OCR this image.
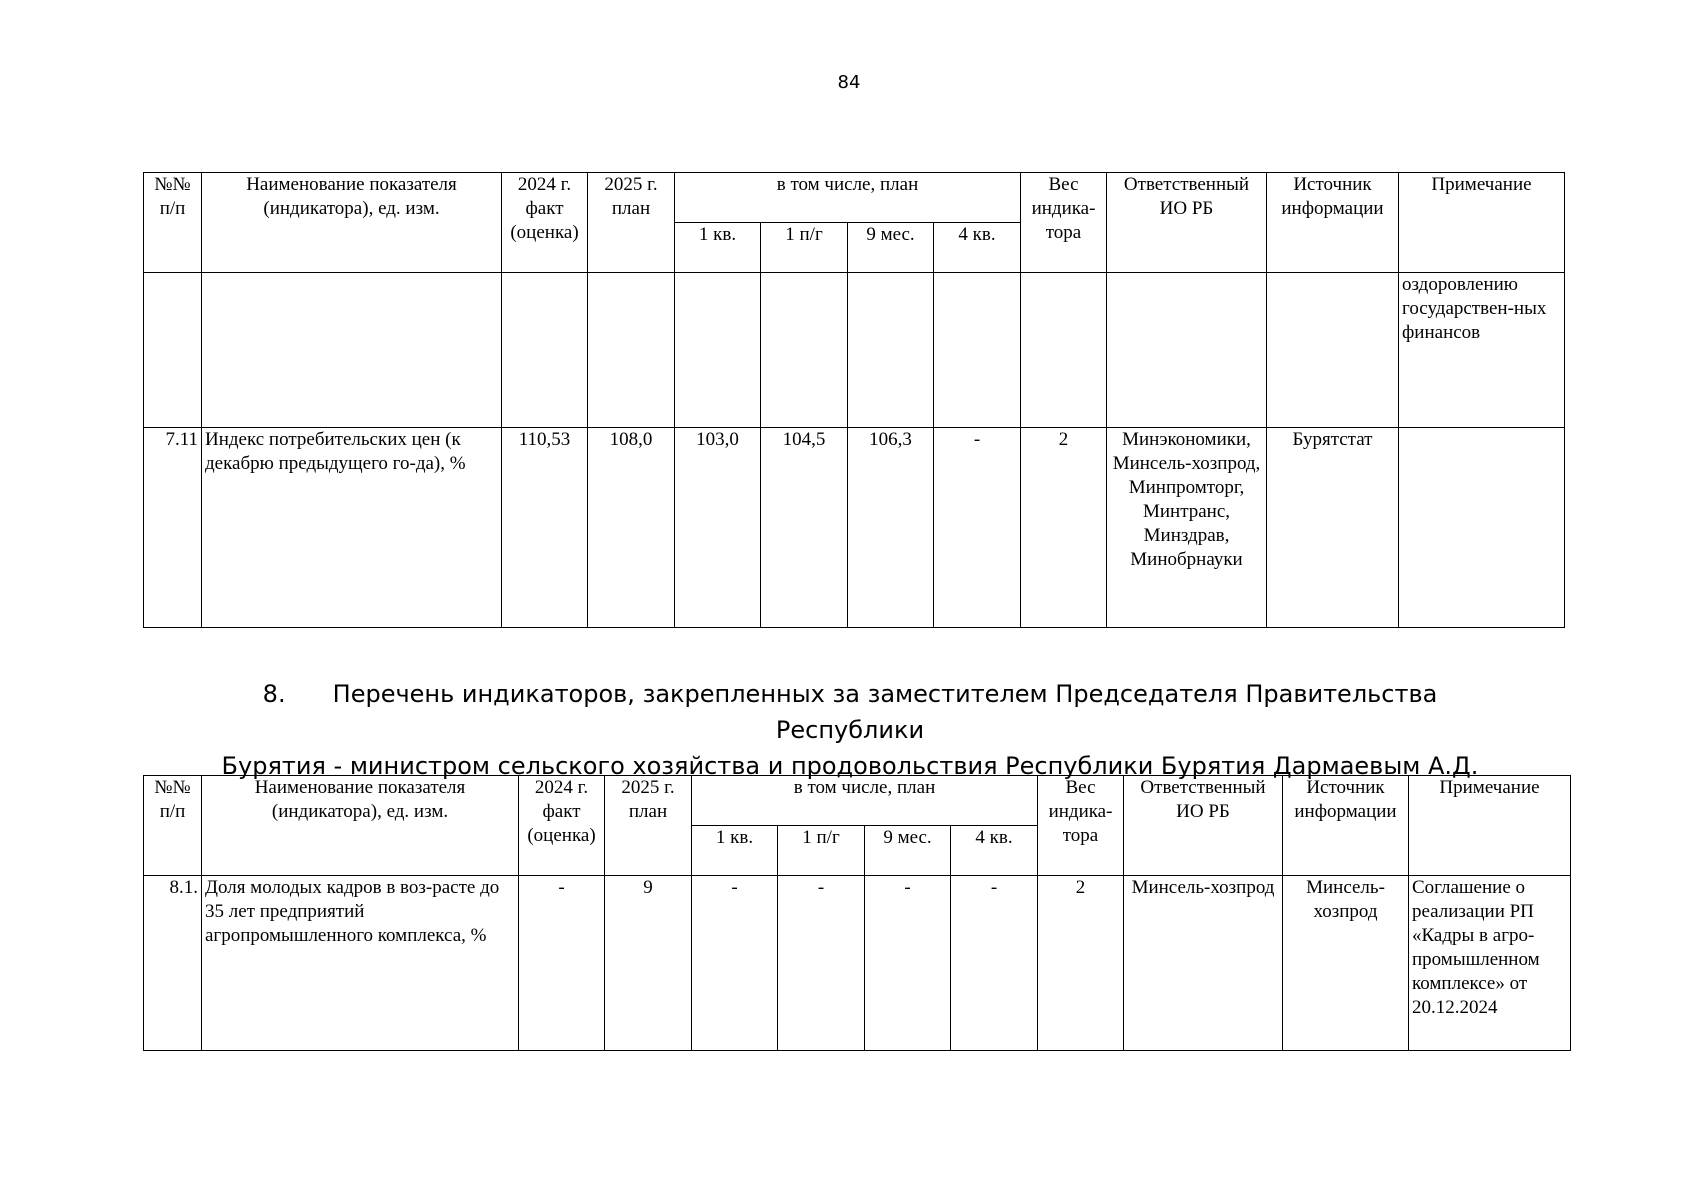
84
№№ п/п	Наименование показателя (индикатора), ед. изм.	2024 г. факт (оценка)	2025 г. план	в том числе, план				Вес индика-тора	Ответственный ИО РБ	Источник информации	Примечание
				1 кв.	1 п/г	9 мес.	4 кв.				
											оздоровлению государствен-ных финансов
7.11	Индекс потребительских цен (к декабрю предыдущего го-да), %	110,53	108,0	103,0	104,5	106,3	-	2	Минэкономики, Минсель-хозпрод, Минпромторг, Минтранс, Минздрав, Минобрнауки	Бурятстат	
8. Перечень индикаторов, закрепленных за заместителем Председателя Правительства Республики
Бурятия - министром сельского хозяйства и продовольствия Республики Бурятия Дармаевым А.Д.
№№ п/п	Наименование показателя (индикатора), ед. изм.	2024 г. факт (оценка)	2025 г. план	в том числе, план				Вес индика-тора	Ответственный ИО РБ	Источник информации	Примечание
				1 кв.	1 п/г	9 мес.	4 кв.				
8.1.	Доля молодых кадров в воз-расте до 35 лет предприятий агропромышленного комплекса, %	-	9	-	-	-	-	2	Минсель-хозпрод	Минсель-хозпрод	Соглашение о реализации РП «Кадры в агро-промышленном комплексе» от 20.12.2024
